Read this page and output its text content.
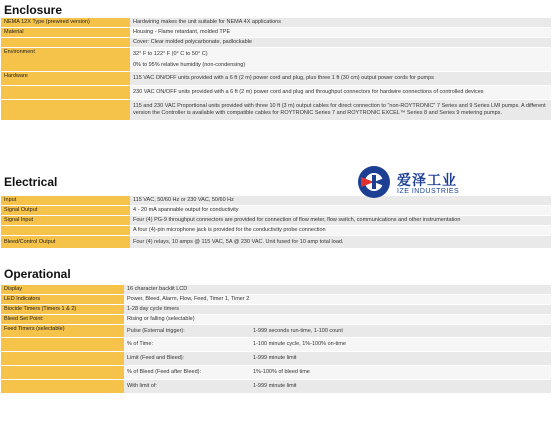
Enclosure
NEMA 12X Type (prewired version)	Hardwiring makes the unit suitable for NEMA 4X applications

Material	Housing - Flame retardant, molded TPE

	Cover: Clear molded polycarbonate, padlockable

Environment	32° F to 122° F (0° C to 50° C)
0% to 95% relative humidity (non-condensing)

Hardware	115 VAC ON/OFF units provided with a 6 ft (2 m) power cord and plug, plus three 1 ft (30 cm) output power cords for pumps

	230 VAC ON/OFF units provided with a 6 ft (2 m) power cord and plug and throughput connectors for hardwire connections of controlled devices

	115 and 230 VAC Proportional units provided with three 10 ft (3 m) output cables for direct connection to "non-ROYTRONIC" 7 Series and 9 Series LMI pumps. A different version the Controller is available with compatible cables for ROYTRONIC Series 7 and ROYTRONIC EXCEL™ Series 8 and Series 9 metering pumps.
Electrical
Input	115 VAC, 50/60 Hz or 230 VAC, 50/60 Hz

Signal Output	4 - 20 mA spannable output for conductivity

Signal Input	Four (4) PG-9 throughput connectors are provided for connection of flow meter, flow switch, communications and other instrumentation

	A four (4)-pin microphone jack is provided for the conductivity probe connection

Bleed/Control Output	Four (4) relays, 10 amps @ 115 VAC, 5A @ 230 VAC. Unit fused for 10 amp total load.
Operational
Display	16 character backlit LCD	

LED Indicators	Power, Bleed, Alarm, Flow, Feed, Timer 1, Timer 2	

Biocide Timers (Timers 1 & 2)	1-28 day cycle timers	

Bleed Set Point:	Rising or falling (selectable)	

Feed Timers (selectable)	Pulse (External trigger):	1-999 seconds run-time, 1-100 count
	% of Time:	1-100 minute cycle, 1%-100% on-time
	Limit (Feed and Bleed):	1-999 minute limit
	% of Bleed (Feed after Bleed):	1%-100% of bleed time
	With limit of:	1-999 minute limit
爱泽工业
IZE INDUSTRIES
